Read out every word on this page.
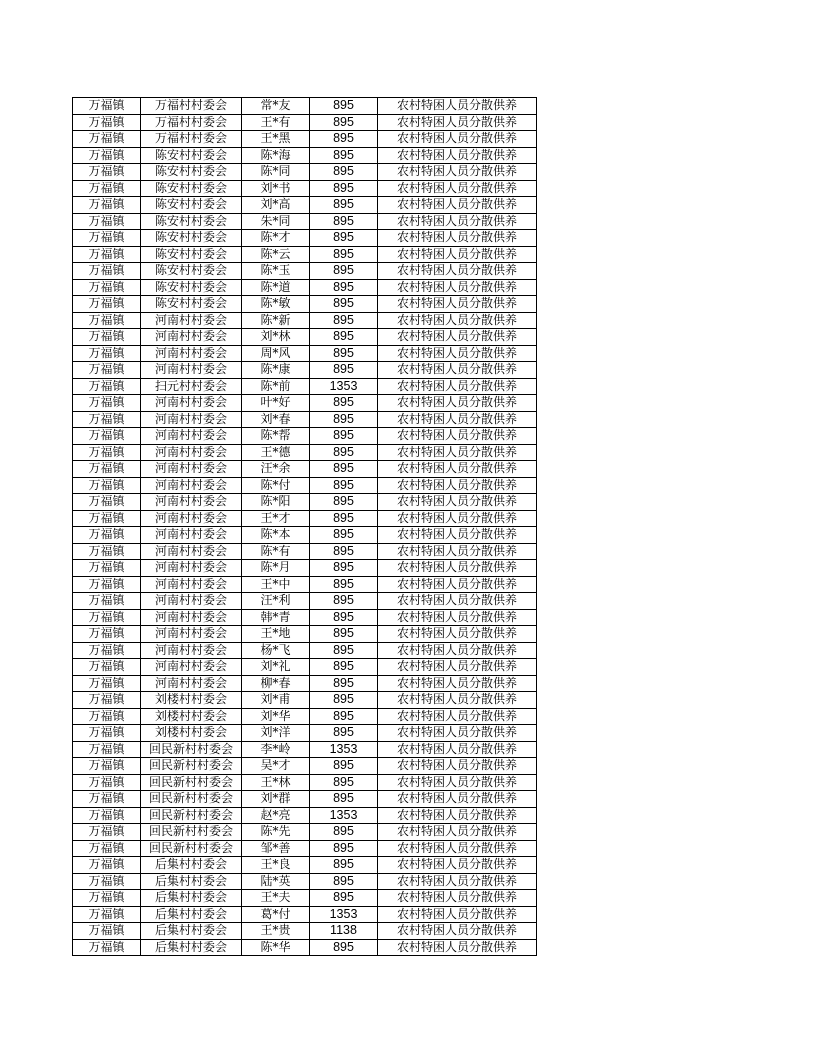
万福镇	万福村村委会	常*友	895	农村特困人员分散供养
万福镇	万福村村委会	王*有	895	农村特困人员分散供养
万福镇	万福村村委会	王*黑	895	农村特困人员分散供养
万福镇	陈安村村委会	陈*海	895	农村特困人员分散供养
万福镇	陈安村村委会	陈*同	895	农村特困人员分散供养
万福镇	陈安村村委会	刘*书	895	农村特困人员分散供养
万福镇	陈安村村委会	刘*高	895	农村特困人员分散供养
万福镇	陈安村村委会	朱*同	895	农村特困人员分散供养
万福镇	陈安村村委会	陈*才	895	农村特困人员分散供养
万福镇	陈安村村委会	陈*云	895	农村特困人员分散供养
万福镇	陈安村村委会	陈*玉	895	农村特困人员分散供养
万福镇	陈安村村委会	陈*道	895	农村特困人员分散供养
万福镇	陈安村村委会	陈*敏	895	农村特困人员分散供养
万福镇	河南村村委会	陈*新	895	农村特困人员分散供养
万福镇	河南村村委会	刘*林	895	农村特困人员分散供养
万福镇	河南村村委会	周*风	895	农村特困人员分散供养
万福镇	河南村村委会	陈*康	895	农村特困人员分散供养
万福镇	扫元村村委会	陈*前	1353	农村特困人员分散供养
万福镇	河南村村委会	叶*好	895	农村特困人员分散供养
万福镇	河南村村委会	刘*春	895	农村特困人员分散供养
万福镇	河南村村委会	陈*帮	895	农村特困人员分散供养
万福镇	河南村村委会	王*德	895	农村特困人员分散供养
万福镇	河南村村委会	汪*余	895	农村特困人员分散供养
万福镇	河南村村委会	陈*付	895	农村特困人员分散供养
万福镇	河南村村委会	陈*阳	895	农村特困人员分散供养
万福镇	河南村村委会	王*才	895	农村特困人员分散供养
万福镇	河南村村委会	陈*本	895	农村特困人员分散供养
万福镇	河南村村委会	陈*有	895	农村特困人员分散供养
万福镇	河南村村委会	陈*月	895	农村特困人员分散供养
万福镇	河南村村委会	王*中	895	农村特困人员分散供养
万福镇	河南村村委会	汪*利	895	农村特困人员分散供养
万福镇	河南村村委会	韩*青	895	农村特困人员分散供养
万福镇	河南村村委会	王*地	895	农村特困人员分散供养
万福镇	河南村村委会	杨*飞	895	农村特困人员分散供养
万福镇	河南村村委会	刘*礼	895	农村特困人员分散供养
万福镇	河南村村委会	柳*春	895	农村特困人员分散供养
万福镇	刘楼村村委会	刘*甫	895	农村特困人员分散供养
万福镇	刘楼村村委会	刘*华	895	农村特困人员分散供养
万福镇	刘楼村村委会	刘*洋	895	农村特困人员分散供养
万福镇	回民新村村委会	李*岭	1353	农村特困人员分散供养
万福镇	回民新村村委会	吴*才	895	农村特困人员分散供养
万福镇	回民新村村委会	王*林	895	农村特困人员分散供养
万福镇	回民新村村委会	刘*群	895	农村特困人员分散供养
万福镇	回民新村村委会	赵*亮	1353	农村特困人员分散供养
万福镇	回民新村村委会	陈*先	895	农村特困人员分散供养
万福镇	回民新村村委会	邹*善	895	农村特困人员分散供养
万福镇	后集村村委会	王*良	895	农村特困人员分散供养
万福镇	后集村村委会	陆*英	895	农村特困人员分散供养
万福镇	后集村村委会	王*夫	895	农村特困人员分散供养
万福镇	后集村村委会	葛*付	1353	农村特困人员分散供养
万福镇	后集村村委会	王*贵	1138	农村特困人员分散供养
万福镇	后集村村委会	陈*华	895	农村特困人员分散供养
